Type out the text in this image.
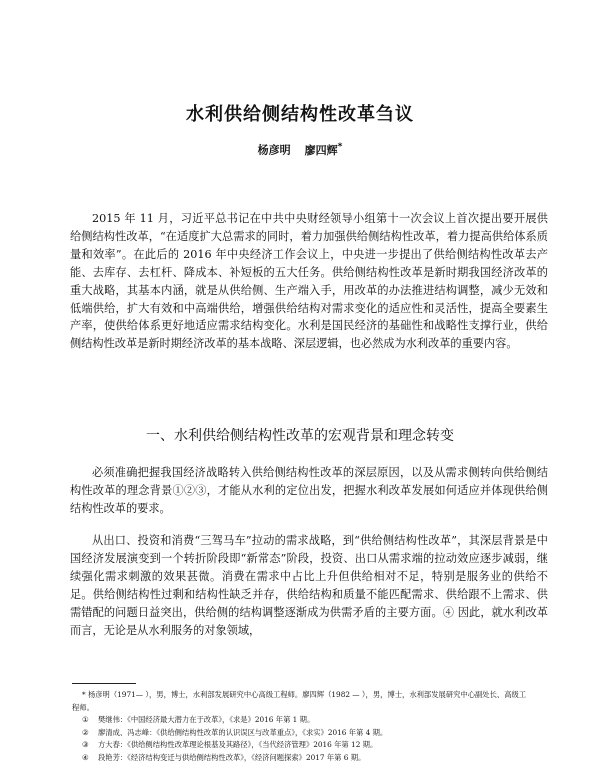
水利供给侧结构性改革刍议
杨彦明 廖四辉*

2015 年 11 月，习近平总书记在中共中央财经领导小组第十一次会议上首次提出要开展供给侧结构性改革，“在适度扩大总需求的同时，着力加强供给侧结构性改革，着力提高供给体系质量和效率”。在此后的 2016 年中央经济工作会议上，中央进一步提出了供给侧结构性改革去产能、去库存、去杠杆、降成本、补短板的五大任务。供给侧结构性改革是新时期我国经济改革的重大战略，其基本内涵，就是从供给侧、生产端入手，用改革的办法推进结构调整，减少无效和低端供给，扩大有效和中高端供给，增强供给结构对需求变化的适应性和灵活性，提高全要素生产率，使供给体系更好地适应需求结构变化。水利是国民经济的基础性和战略性支撑行业，供给侧结构性改革是新时期经济改革的基本战略、深层逻辑，也必然成为水利改革的重要内容。

一、水利供给侧结构性改革的宏观背景和理念转变

必须准确把握我国经济战略转入供给侧结构性改革的深层原因，以及从需求侧转向供给侧结构性改革的理念背景①②③，才能从水利的定位出发，把握水利改革发展如何适应并体现供给侧结构性改革的要求。

从出口、投资和消费“三驾马车”拉动的需求战略，到“供给侧结构性改革”，其深层背景是中国经济发展演变到一个转折阶段即“新常态”阶段，投资、出口从需求端的拉动效应逐步减弱，继续强化需求刺激的效果甚微。消费在需求中占比上升但供给相对不足，特别是服务业的供给不足。供给侧结构性过剩和结构性缺乏并存，供给结构和质量不能匹配需求、供给跟不上需求、供需错配的问题日益突出，供给侧的结构调整逐渐成为供需矛盾的主要方面。④ 因此，就水利改革而言，无论是从水利服务的对象领域，

* 杨彦明（1971— ），男，博士，水利部发展研究中心高级工程师。廖四辉（1982 — ），男，博士，水利部发展研究中心副处长、高级工程师。
① 樊继伟：《中国经济最大潜力在于改革》，《求是》2016 年第 1 期。
② 廖清成、冯志峰：《供给侧结构性改革的认识误区与改革重点》，《求实》2016 年第 4 期。
③ 方大春：《供给侧结构性改革理论根基及其路径》，《当代经济管理》2016 年第 12 期。
④ 段艳芳：《经济结构变迁与供给侧结构性改革》，《经济问题探索》2017 年第 6 期。
